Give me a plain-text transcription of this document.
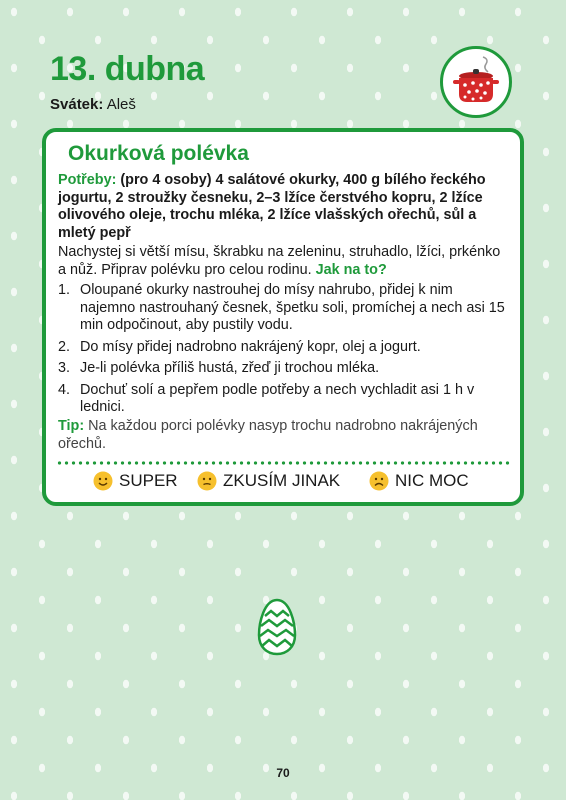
13. dubna
Svátek: Aleš
Okurková polévka
Potřeby: (pro 4 osoby) 4 salátové okurky, 400 g bílého řeckého jogurtu, 2 stroužky česneku, 2–3 lžíce čerstvého kopru, 2 lžíce olivového oleje, trochu mléka, 2 lžíce vlašských ořechů, sůl a mletý pepř
Nachystej si větší mísu, škrabku na zeleninu, struhadlo, lžíci, prkénko a nůž. Připrav polévku pro celou rodinu. Jak na to?
1. Oloupané okurky nastrouhej do mísy nahrubo, přidej k nim najemno nastrouhaný česnek, špetku soli, promíchej a nech asi 15 min odpočinout, aby pustily vodu.
2. Do mísy přidej nadrobno nakrájený kopr, olej a jogurt.
3. Je-li polévka příliš hustá, zřeď ji trochou mléka.
4. Dochuť solí a pepřem podle potřeby a nech vychladit asi 1 h v lednici.
Tip: Na každou porci polévky nasyp trochu nadrobno nakrájených ořechů.
SUPER	ZKUSÍM JINAK	NIC MOC
70
